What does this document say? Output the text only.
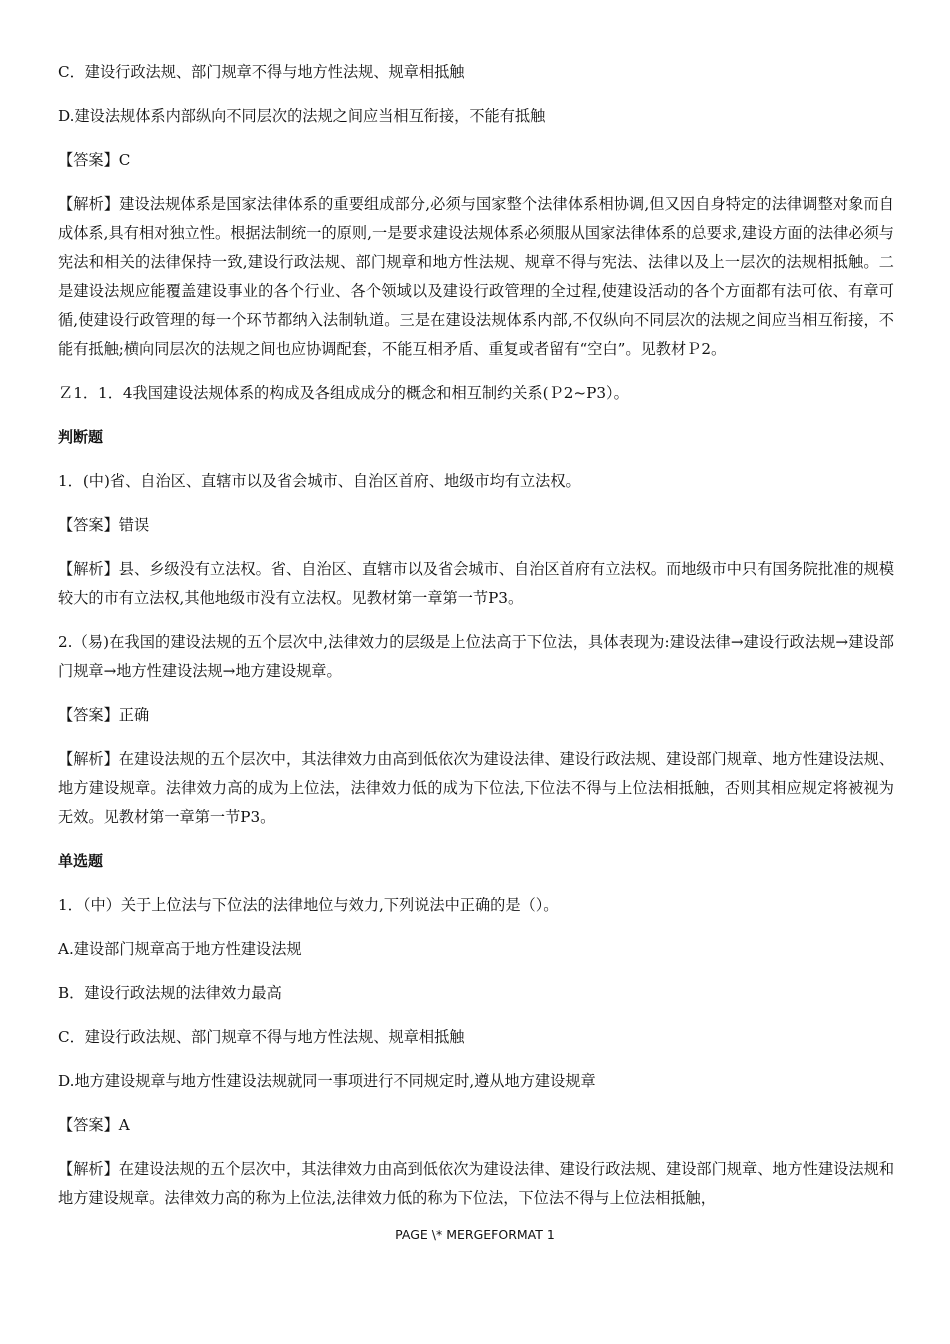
C．建设行政法规、部门规章不得与地方性法规、规章相抵触

D.建设法规体系内部纵向不同层次的法规之间应当相互衔接，不能有抵触

【答案】C

【解析】建设法规体系是国家法律体系的重要组成部分,必须与国家整个法律体系相协调,但又因自身特定的法律调整对象而自成体系,具有相对独立性。根据法制统一的原则,一是要求建设法规体系必须服从国家法律体系的总要求,建设方面的法律必须与宪法和相关的法律保持一致,建设行政法规、部门规章和地方性法规、规章不得与宪法、法律以及上一层次的法规相抵触。二是建设法规应能覆盖建设事业的各个行业、各个领域以及建设行政管理的全过程,使建设活动的各个方面都有法可依、有章可循,使建设行政管理的每一个环节都纳入法制轨道。三是在建设法规体系内部,不仅纵向不同层次的法规之间应当相互衔接，不能有抵触;横向同层次的法规之间也应协调配套，不能互相矛盾、重复或者留有“空白”。见教材Ｐ2。

Ｚ1．1．4我国建设法规体系的构成及各组成成分的概念和相互制约关系(Ｐ2~P3）。

判断题

1．(中)省、自治区、直辖市以及省会城市、自治区首府、地级市均有立法权。

【答案】错误

【解析】县、乡级没有立法权。省、自治区、直辖市以及省会城市、自治区首府有立法权。而地级市中只有国务院批准的规模较大的市有立法权,其他地级市没有立法权。见教材第一章第一节P3。

2.（易)在我国的建设法规的五个层次中,法律效力的层级是上位法高于下位法，具体表现为:建设法律→建设行政法规→建设部门规章→地方性建设法规→地方建设规章。

【答案】正确

【解析】在建设法规的五个层次中，其法律效力由高到低依次为建设法律、建设行政法规、建设部门规章、地方性建设法规、地方建设规章。法律效力高的成为上位法，法律效力低的成为下位法,下位法不得与上位法相抵触，否则其相应规定将被视为无效。见教材第一章第一节P3。

单选题

1．（中）关于上位法与下位法的法律地位与效力,下列说法中正确的是（）。

A.建设部门规章高于地方性建设法规

B．建设行政法规的法律效力最高

C．建设行政法规、部门规章不得与地方性法规、规章相抵触

D.地方建设规章与地方性建设法规就同一事项进行不同规定时,遵从地方建设规章

【答案】A

【解析】在建设法规的五个层次中，其法律效力由高到低依次为建设法律、建设行政法规、建设部门规章、地方性建设法规和地方建设规章。法律效力高的称为上位法,法律效力低的称为下位法，下位法不得与上位法相抵触，

PAGE \* MERGEFORMAT 1
